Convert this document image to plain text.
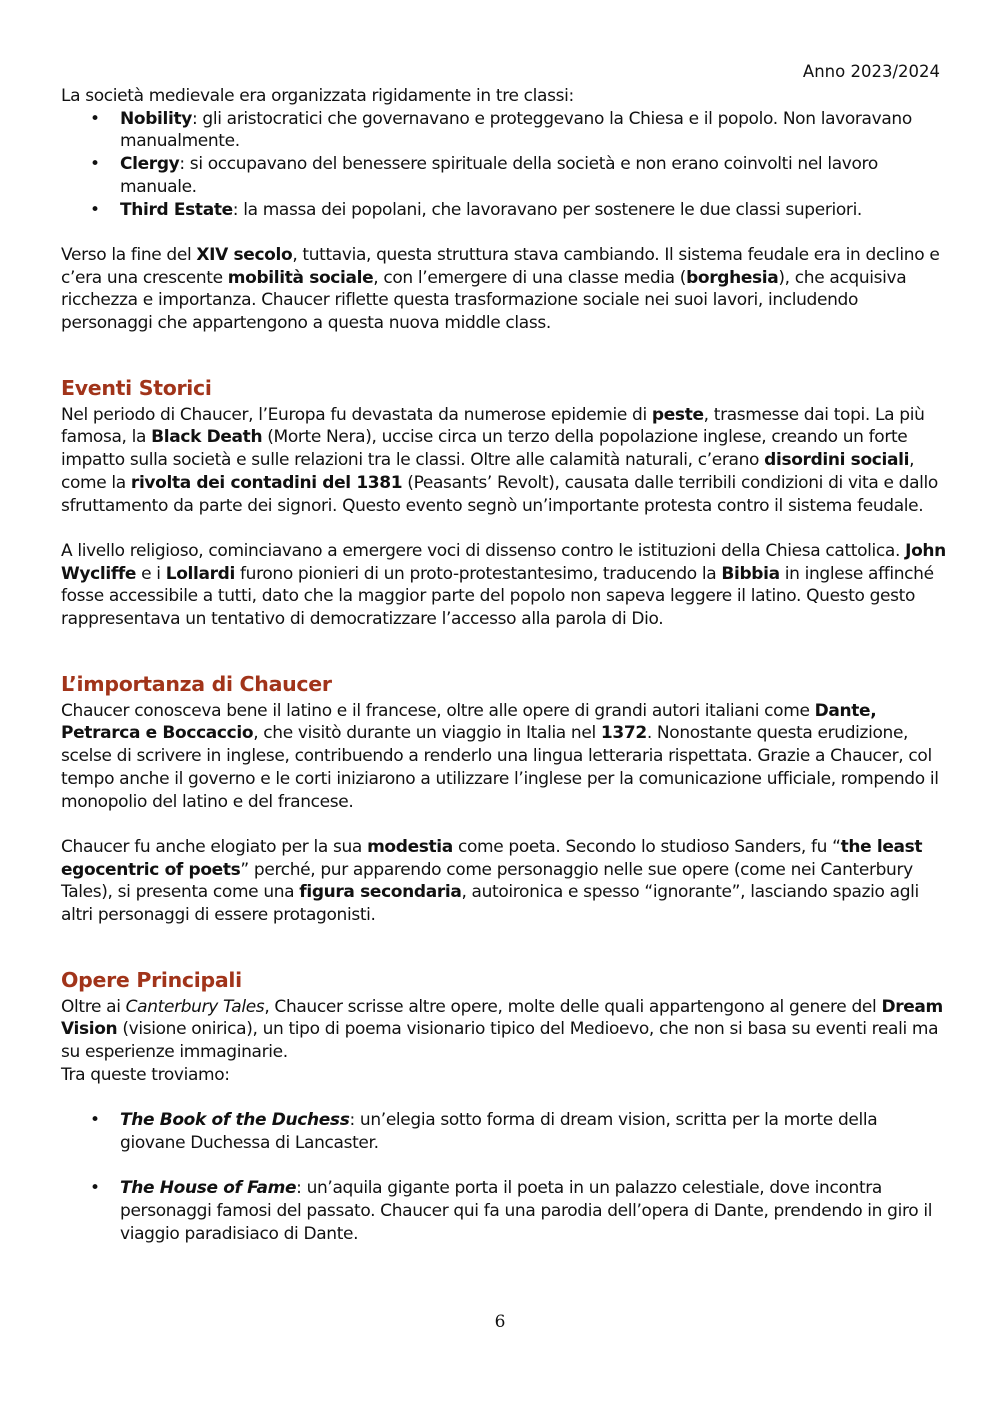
Anno 2023/2024

La società medievale era organizzata rigidamente in tre classi:

• Nobility: gli aristocratici che governavano e proteggevano la Chiesa e il popolo. Non lavoravano manualmente.
• Clergy: si occupavano del benessere spirituale della società e non erano coinvolti nel lavoro manuale.
• Third Estate: la massa dei popolani, che lavoravano per sostenere le due classi superiori.

Verso la fine del XIV secolo, tuttavia, questa struttura stava cambiando. Il sistema feudale era in declino e c’era una crescente mobilità sociale, con l’emergere di una classe media (borghesia), che acquisiva ricchezza e importanza. Chaucer riflette questa trasformazione sociale nei suoi lavori, includendo personaggi che appartengono a questa nuova middle class.

Eventi Storici

Nel periodo di Chaucer, l’Europa fu devastata da numerose epidemie di peste, trasmesse dai topi. La più famosa, la Black Death (Morte Nera), uccise circa un terzo della popolazione inglese, creando un forte impatto sulla società e sulle relazioni tra le classi. Oltre alle calamità naturali, c’erano disordini sociali, come la rivolta dei contadini del 1381 (Peasants’ Revolt), causata dalle terribili condizioni di vita e dallo sfruttamento da parte dei signori. Questo evento segnò un’importante protesta contro il sistema feudale.

A livello religioso, cominciavano a emergere voci di dissenso contro le istituzioni della Chiesa cattolica. John Wycliffe e i Lollardi furono pionieri di un proto-protestantesimo, traducendo la Bibbia in inglese affinché fosse accessibile a tutti, dato che la maggior parte del popolo non sapeva leggere il latino. Questo gesto rappresentava un tentativo di democratizzare l’accesso alla parola di Dio.

L’importanza di Chaucer

Chaucer conosceva bene il latino e il francese, oltre alle opere di grandi autori italiani come Dante, Petrarca e Boccaccio, che visitò durante un viaggio in Italia nel 1372. Nonostante questa erudizione, scelse di scrivere in inglese, contribuendo a renderlo una lingua letteraria rispettata. Grazie a Chaucer, col tempo anche il governo e le corti iniziarono a utilizzare l’inglese per la comunicazione ufficiale, rompendo il monopolio del latino e del francese.

Chaucer fu anche elogiato per la sua modestia come poeta. Secondo lo studioso Sanders, fu “the least egocentric of poets” perché, pur apparendo come personaggio nelle sue opere (come nei Canterbury Tales), si presenta come una figura secondaria, autoironica e spesso “ignorante”, lasciando spazio agli altri personaggi di essere protagonisti.

Opere Principali

Oltre ai Canterbury Tales, Chaucer scrisse altre opere, molte delle quali appartengono al genere del Dream Vision (visione onirica), un tipo di poema visionario tipico del Medioevo, che non si basa su eventi reali ma su esperienze immaginarie.

Tra queste troviamo:

• The Book of the Duchess: un’elegia sotto forma di dream vision, scritta per la morte della giovane Duchessa di Lancaster.
• The House of Fame: un’aquila gigante porta il poeta in un palazzo celestiale, dove incontra personaggi famosi del passato. Chaucer qui fa una parodia dell’opera di Dante, prendendo in giro il viaggio paradisiaco di Dante.
6
